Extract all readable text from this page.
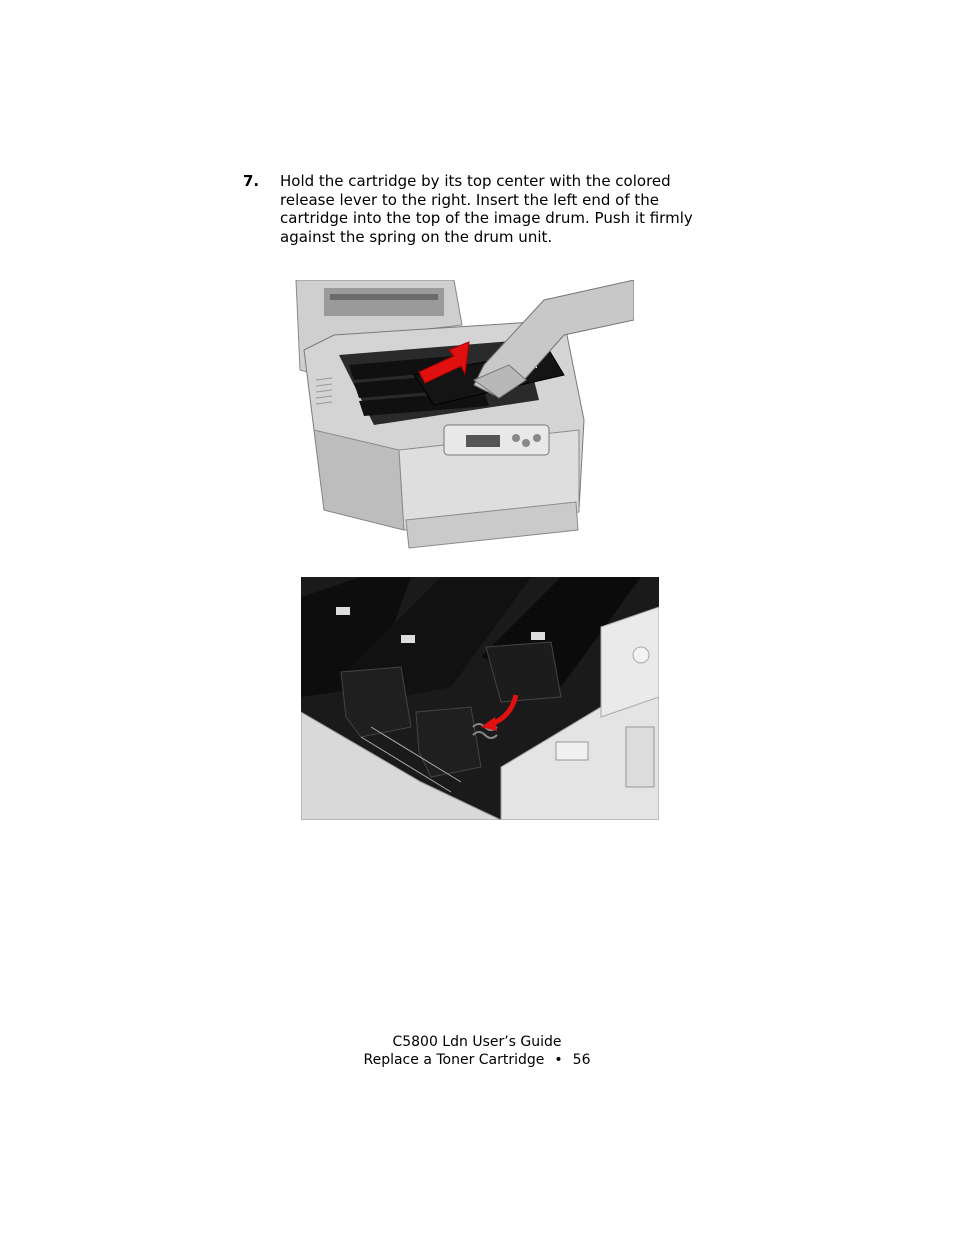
7. Hold the cartridge by its top center with the colored release lever to the right. Insert the left end of the cartridge into the top of the image drum. Push it firmly against the spring on the drum unit.
C5800 Ldn User’s Guide
Replace a Toner Cartridge • 56
